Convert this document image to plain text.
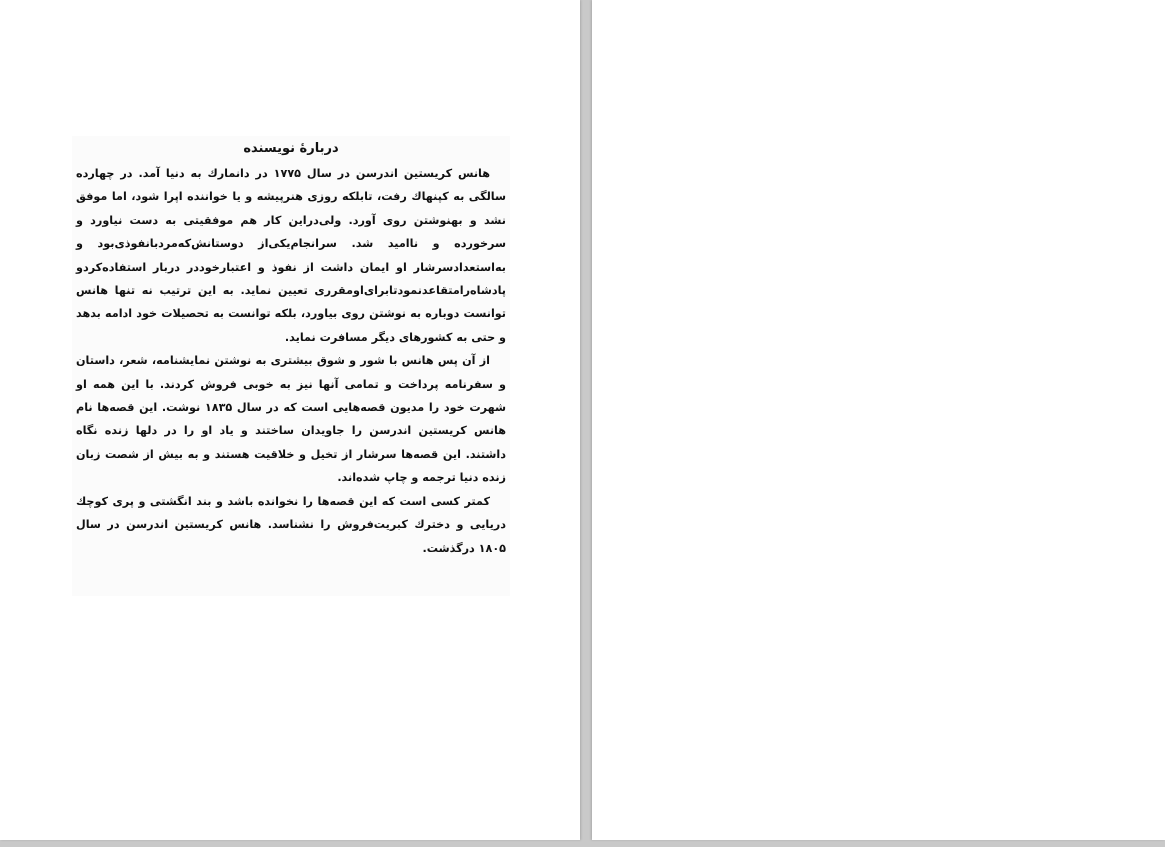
دربارهٔ نویسنده

هانس کریستین اندرسن در سال ۱۷۷۵ در دانمارك به دنیا آمد. در چهارده سالگی به کپنهاك رفت، تابلکه روزی هنرپیشه و یا خواننده اپرا شود، اما موفق نشد و بهنوشتن روی آورد. ولی‌دراین کار هم موفقیتی به دست نیاورد و سرخورده و ناامید شد. سرانجام‌یکی‌از دوستانش‌که‌مردبانفوذی‌بود و به‌استعدادسرشار او ایمان داشت از نفوذ و اعتبارخوددر دربار استفاده‌کردو پادشاه‌رامتقاعدنمودتابرای‌اومقرری تعیین نماید. به این ترتیب نه تنها هانس توانست دوباره به نوشتن روی بیاورد، بلکه توانست به تحصیلات خود ادامه بدهد و حتی به کشورهای دیگر مسافرت نماید.

از آن پس هانس با شور و شوق بیشتری به نوشتن نمایشنامه، شعر، داستان و سفرنامه پرداخت و تمامی آنها نیز به خوبی فروش کردند. با این همه او شهرت خود را مدیون قصه‌هایی است که در سال ۱۸۳۵ نوشت. این قصه‌ها نام هانس کریستین اندرسن را جاویدان ساختند و یاد او را در دلها زنده نگاه داشتند. این قصه‌ها سرشار از تخیل و خلاقیت هستند و به بیش از شصت زبان زنده دنیا ترجمه و چاپ شده‌اند.

کمتر کسی است که این قصه‌ها را نخوانده باشد و بند انگشتی و پری کوچك دریایی و دخترك کبریت‌فروش را نشناسد. هانس کریستین اندرسن در سال ۱۸۰۵ درگذشت.
